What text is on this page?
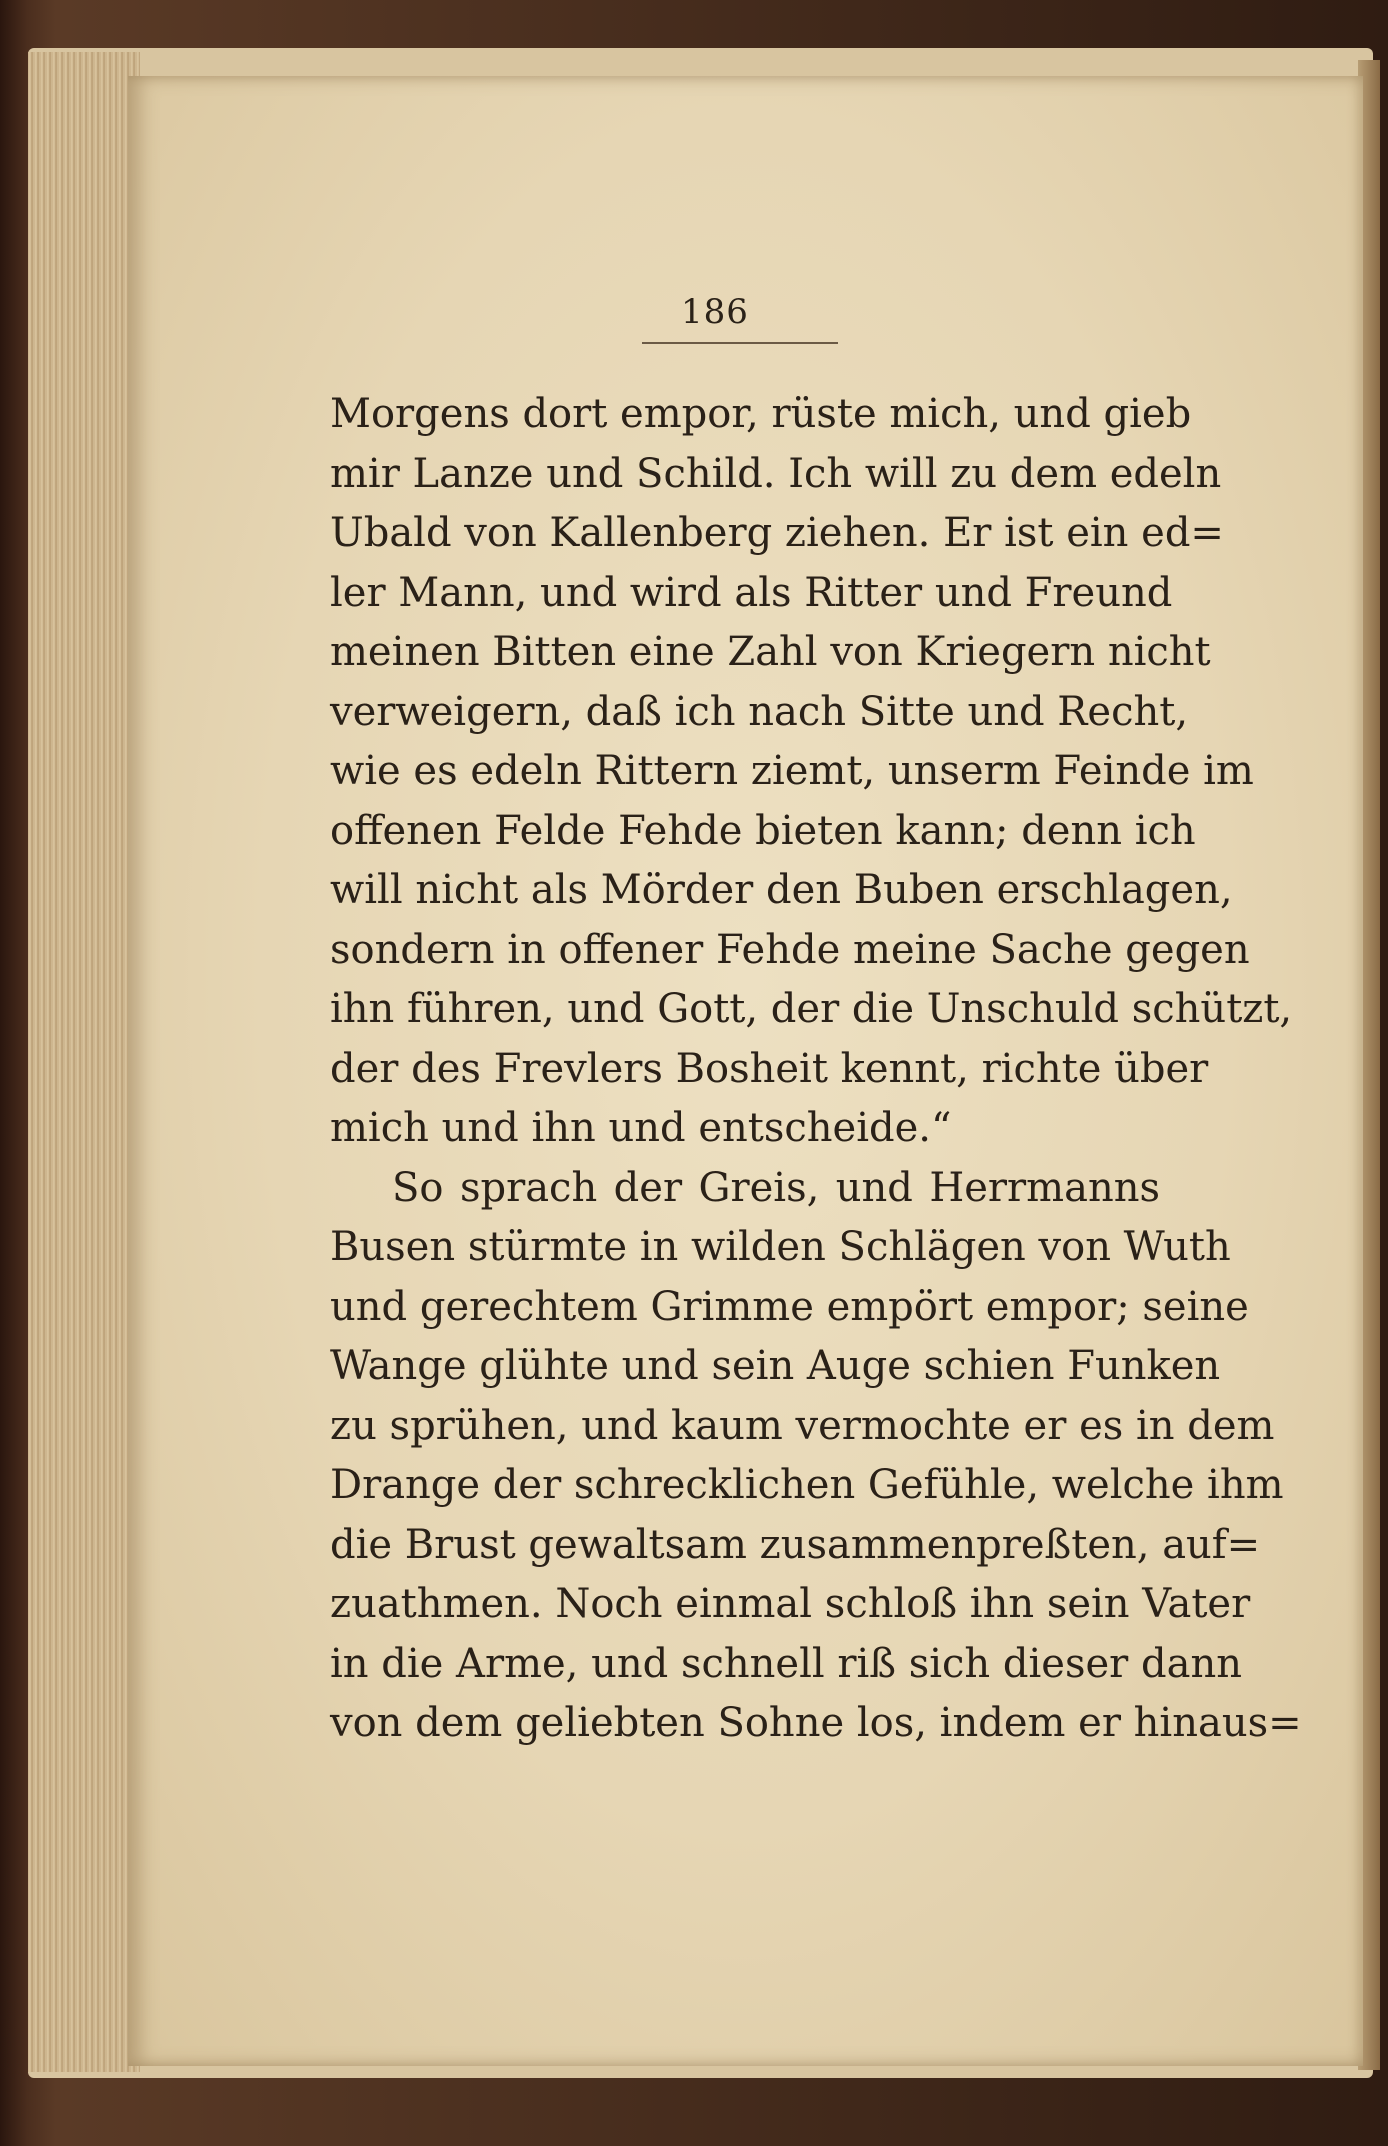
186
Morgens dort empor, rüste mich, und gieb
mir Lanze und Schild. Ich will zu dem edeln
Ubald von Kallenberg ziehen. Er ist ein ed=
ler Mann, und wird als Ritter und Freund
meinen Bitten eine Zahl von Kriegern nicht
verweigern, daß ich nach Sitte und Recht,
wie es edeln Rittern ziemt, unserm Feinde im
offenen Felde Fehde bieten kann; denn ich
will nicht als Mörder den Buben erschlagen,
sondern in offener Fehde meine Sache gegen
ihn führen, und Gott, der die Unschuld schützt,
der des Frevlers Bosheit kennt, richte über
mich und ihn und entscheide.“
So sprach der Greis, und Herrmanns
Busen stürmte in wilden Schlägen von Wuth
und gerechtem Grimme empört empor; seine
Wange glühte und sein Auge schien Funken
zu sprühen, und kaum vermochte er es in dem
Drange der schrecklichen Gefühle, welche ihm
die Brust gewaltsam zusammenpreßten, auf=
zuathmen. Noch einmal schloß ihn sein Vater
in die Arme, und schnell riß sich dieser dann
von dem geliebten Sohne los, indem er hinaus=
